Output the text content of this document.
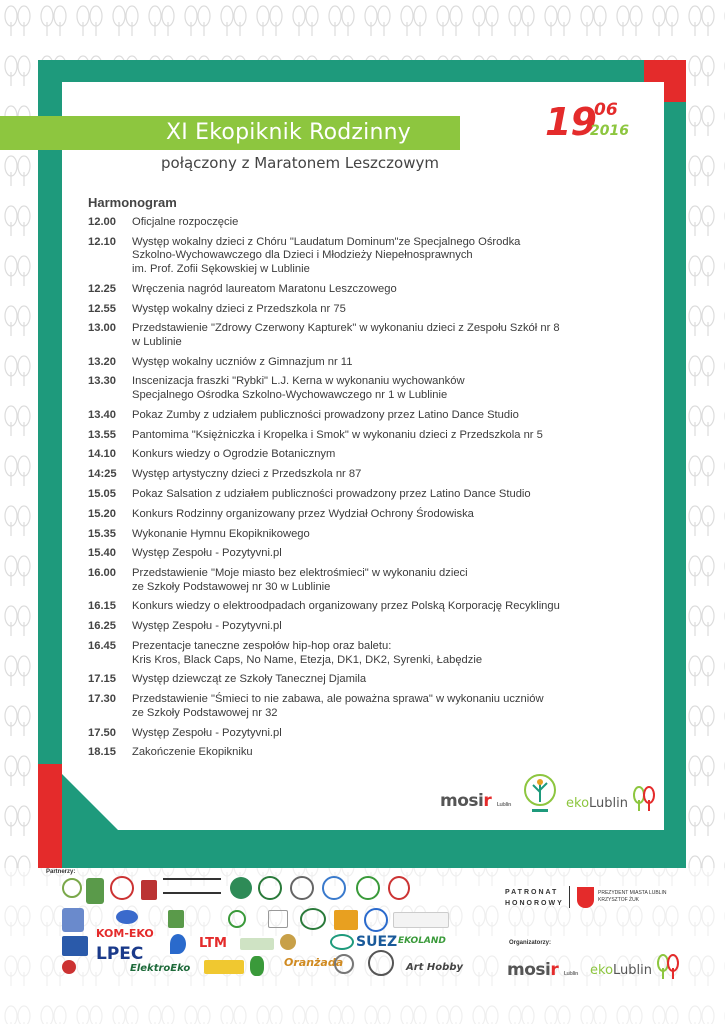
XI Ekopiknik Rodzinny
połączony z Maratonem Leszczowym
19
06
2016
Harmonogram
12.00	Oficjalne rozpoczęcie
12.10	Występ wokalny dzieci z Chóru "Laudatum Dominum"ze Specjalnego Ośrodka
Szkolno-Wychowawczego dla Dzieci i Młodzieży Niepełnosprawnych
im. Prof. Zofii Sękowskiej w Lublinie
12.25	Wręczenia nagród laureatom Maratonu Leszczowego
12.55	Występ wokalny dzieci z Przedszkola nr 75
13.00	Przedstawienie "Zdrowy Czerwony Kapturek" w wykonaniu dzieci z Zespołu Szkół nr 8
w Lublinie
13.20	Występ wokalny uczniów z Gimnazjum nr 11
13.30	Inscenizacja fraszki "Rybki" L.J. Kerna w wykonaniu wychowanków
Specjalnego Ośrodka Szkolno-Wychowawczego nr 1 w Lublinie
13.40	Pokaz Zumby z udziałem publiczności prowadzony przez Latino Dance Studio
13.55	Pantomima "Księżniczka i Kropelka i Smok" w wykonaniu dzieci z Przedszkola nr 5
14.10	Konkurs wiedzy o Ogrodzie Botanicznym
14:25	Występ artystyczny dzieci z Przedszkola nr 87
15.05	Pokaz Salsation z udziałem publiczności prowadzony przez Latino Dance Studio
15.20	Konkurs Rodzinny organizowany przez Wydział Ochrony Środowiska
15.35	Wykonanie Hymnu Ekopiknikowego
15.40	Występ Zespołu - Pozytyvni.pl
16.00	Przedstawienie "Moje miasto bez elektrośmieci" w wykonaniu dzieci
ze Szkoły Podstawowej nr 30 w Lublinie
16.15	Konkurs wiedzy o elektroodpadach organizowany przez Polską Korporację Recyklingu
16.25	Występ Zespołu - Pozytyvni.pl
16.45	Prezentacje taneczne zespołów hip-hop oraz baletu:
Kris Kros, Black Caps, No Name, Etezja, DK1, DK2, Syrenki, Łabędzie
17.15	Występ dziewcząt ze Szkoły Tanecznej Djamila
17.30	Przedstawienie "Śmieci to nie zabawa, ale poważna sprawa" w wykonaniu uczniów
ze Szkoły Podstawowej nr 32
17.50	Występ Zespołu - Pozytyvni.pl
18.15	Zakończenie Ekopikniku
mosir Lublin	ekoLublin
Partnerzy:
KOM-EKO
LPEC
LTM	SUEZ EKOLAND
ElektroEko	Oranżada	Art Hobby
PATRONAT
HONOROWY
PREZYDENT MIASTA LUBLIN
KRZYSZTOF ŻUK
Organizatorzy:
mosir Lublin ekoLublin
